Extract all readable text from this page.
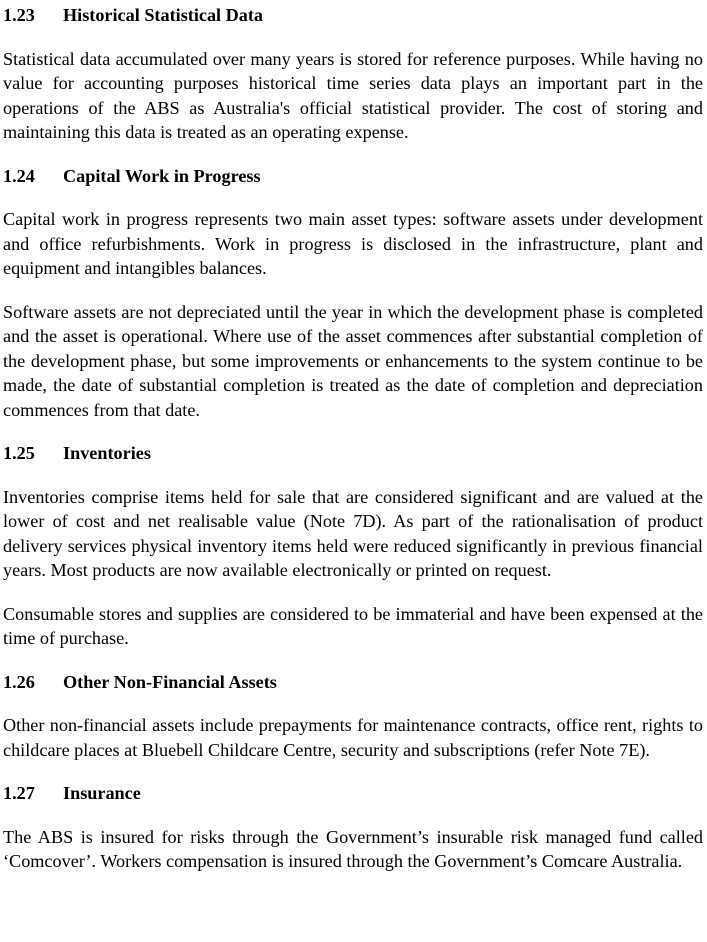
1.23 Historical Statistical Data

Statistical data accumulated over many years is stored for reference purposes. While having no value for accounting purposes historical time series data plays an important part in the operations of the ABS as Australia's official statistical provider. The cost of storing and maintaining this data is treated as an operating expense.

1.24 Capital Work in Progress

Capital work in progress represents two main asset types: software assets under development and office refurbishments. Work in progress is disclosed in the infrastructure, plant and equipment and intangibles balances.

Software assets are not depreciated until the year in which the development phase is completed and the asset is operational. Where use of the asset commences after substantial completion of the development phase, but some improvements or enhancements to the system continue to be made, the date of substantial completion is treated as the date of completion and depreciation commences from that date.

1.25 Inventories

Inventories comprise items held for sale that are considered significant and are valued at the lower of cost and net realisable value (Note 7D). As part of the rationalisation of product delivery services physical inventory items held were reduced significantly in previous financial years. Most products are now available electronically or printed on request.

Consumable stores and supplies are considered to be immaterial and have been expensed at the time of purchase.

1.26 Other Non-Financial Assets

Other non-financial assets include prepayments for maintenance contracts, office rent, rights to childcare places at Bluebell Childcare Centre, security and subscriptions (refer Note 7E).

1.27 Insurance

The ABS is insured for risks through the Government’s insurable risk managed fund called ‘Comcover’. Workers compensation is insured through the Government’s Comcare Australia.
